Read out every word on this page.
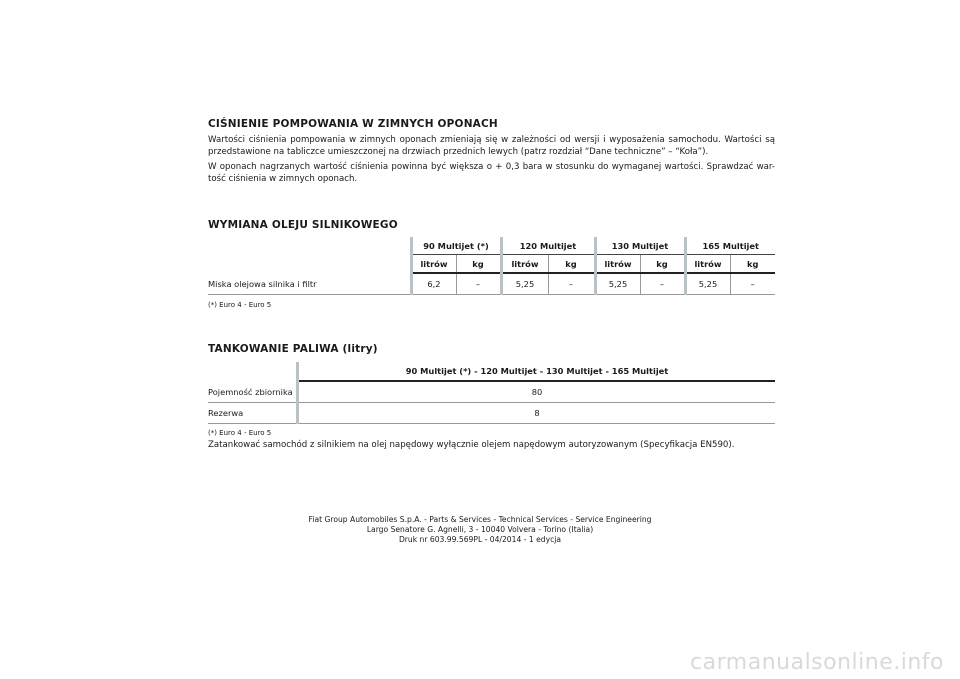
CIŚNIENIE POMPOWANIA W ZIMNYCH OPONACH

Wartości ciśnienia pompowania w zimnych oponach zmieniają się w zależności od wersji i wyposażenia samochodu. Wartości są przedstawione na tabliczce umieszczonej na drzwiach przednich lewych (patrz rozdział “Dane techniczne” – “Koła”).

W oponach nagrzanych wartość ciśnienia powinna być większa o + 0,3 bara w stosunku do wymaganej wartości. Sprawdzać war-tość ciśnienia w zimnych oponach.

WYMIANA OLEJU SILNIKOWEGO
	90 Multijet (*)		120 Multijet		130 Multijet		165 Multijet	
	litrów	kg	litrów	kg	litrów	kg	litrów	kg
Miska olejowa silnika i filtr	6,2	–	5,25	–	5,25	–	5,25	–
(*) Euro 4 - Euro 5
TANKOWANIE PALIWA (litry)
	90 Multijet (*) - 120 Multijet - 130 Multijet - 165 Multijet
Pojemność zbiornika	80
Rezerwa	8
(*) Euro 4 - Euro 5

Zatankować samochód z silnikiem na olej napędowy wyłącznie olejem napędowym autoryzowanym (Specyfikacja EN590).

Fiat Group Automobiles S.p.A. - Parts & Services - Technical Services - Service Engineering
Largo Senatore G. Agnelli, 3 - 10040 Volvera - Torino (Italia)
Druk nr 603.99.569PL - 04/2014 - 1 edycja
carmanualsonline.info
